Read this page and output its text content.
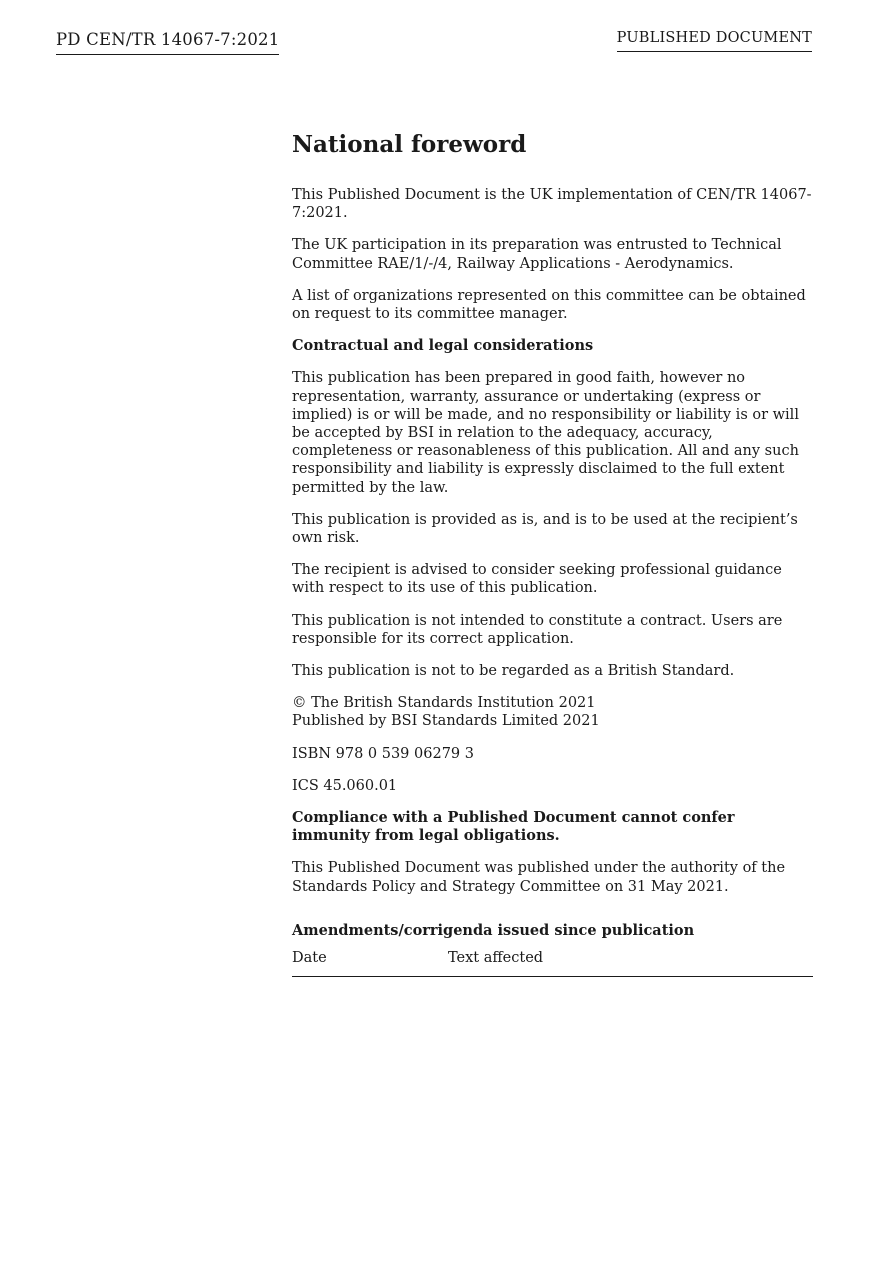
PD CEN/TR 14067-7:2021	PUBLISHED DOCUMENT
National foreword

This Published Document is the UK implementation of CEN/TR 14067-7:2021.

The UK participation in its preparation was entrusted to Technical Committee RAE/1/-/4, Railway Applications - Aerodynamics.

A list of organizations represented on this committee can be obtained on request to its committee manager.

Contractual and legal considerations

This publication has been prepared in good faith, however no representation, warranty, assurance or undertaking (express or implied) is or will be made, and no responsibility or liability is or will be accepted by BSI in relation to the adequacy, accuracy, completeness or reasonableness of this publication. All and any such responsibility and liability is expressly disclaimed to the full extent permitted by the law.

This publication is provided as is, and is to be used at the recipient’s own risk.

The recipient is advised to consider seeking professional guidance with respect to its use of this publication.

This publication is not intended to constitute a contract. Users are responsible for its correct application.

This publication is not to be regarded as a British Standard.

© The British Standards Institution 2021
Published by BSI Standards Limited 2021

ISBN 978 0 539 06279 3

ICS 45.060.01

Compliance with a Published Document cannot confer immunity from legal obligations.

This Published Document was published under the authority of the Standards Policy and Strategy Committee on 31 May 2021.

Amendments/corrigenda issued since publication
Date	Text affected
